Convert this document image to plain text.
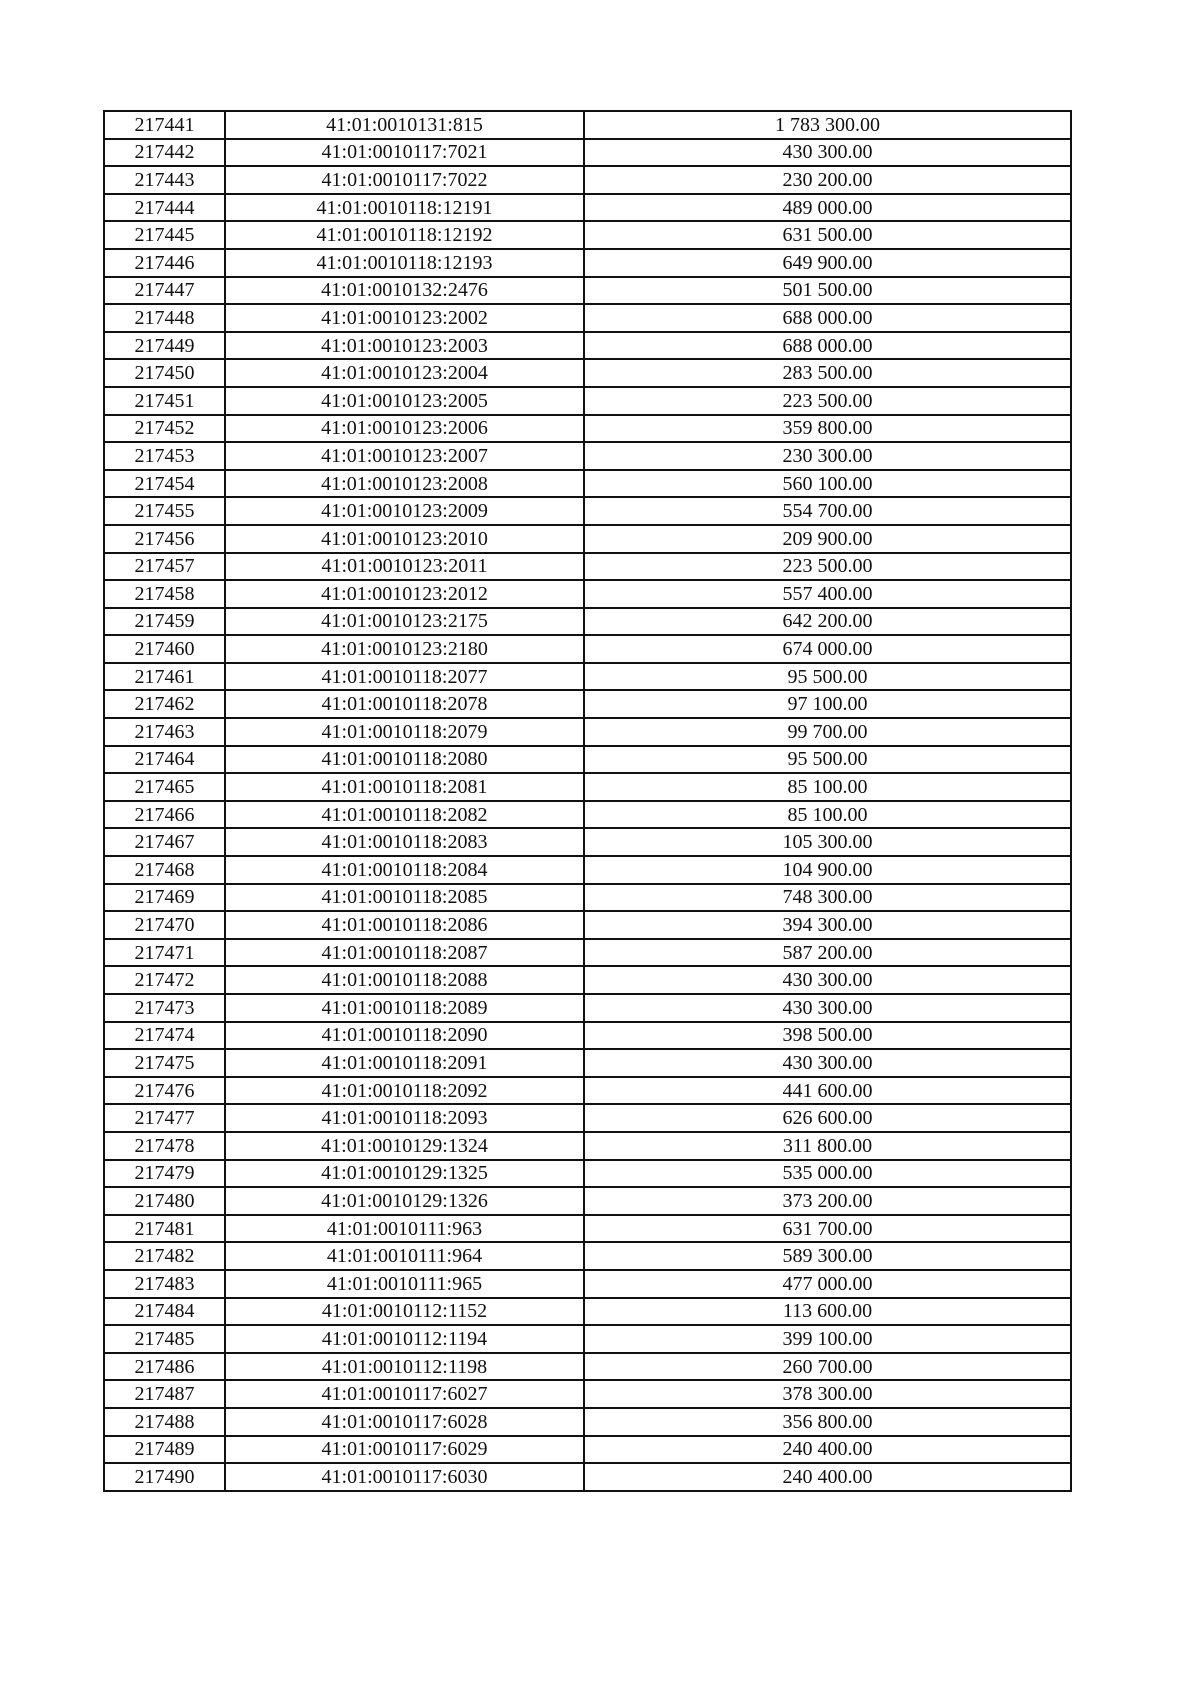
217441	41:01:0010131:815	1 783 300.00
217442	41:01:0010117:7021	430 300.00
217443	41:01:0010117:7022	230 200.00
217444	41:01:0010118:12191	489 000.00
217445	41:01:0010118:12192	631 500.00
217446	41:01:0010118:12193	649 900.00
217447	41:01:0010132:2476	501 500.00
217448	41:01:0010123:2002	688 000.00
217449	41:01:0010123:2003	688 000.00
217450	41:01:0010123:2004	283 500.00
217451	41:01:0010123:2005	223 500.00
217452	41:01:0010123:2006	359 800.00
217453	41:01:0010123:2007	230 300.00
217454	41:01:0010123:2008	560 100.00
217455	41:01:0010123:2009	554 700.00
217456	41:01:0010123:2010	209 900.00
217457	41:01:0010123:2011	223 500.00
217458	41:01:0010123:2012	557 400.00
217459	41:01:0010123:2175	642 200.00
217460	41:01:0010123:2180	674 000.00
217461	41:01:0010118:2077	95 500.00
217462	41:01:0010118:2078	97 100.00
217463	41:01:0010118:2079	99 700.00
217464	41:01:0010118:2080	95 500.00
217465	41:01:0010118:2081	85 100.00
217466	41:01:0010118:2082	85 100.00
217467	41:01:0010118:2083	105 300.00
217468	41:01:0010118:2084	104 900.00
217469	41:01:0010118:2085	748 300.00
217470	41:01:0010118:2086	394 300.00
217471	41:01:0010118:2087	587 200.00
217472	41:01:0010118:2088	430 300.00
217473	41:01:0010118:2089	430 300.00
217474	41:01:0010118:2090	398 500.00
217475	41:01:0010118:2091	430 300.00
217476	41:01:0010118:2092	441 600.00
217477	41:01:0010118:2093	626 600.00
217478	41:01:0010129:1324	311 800.00
217479	41:01:0010129:1325	535 000.00
217480	41:01:0010129:1326	373 200.00
217481	41:01:0010111:963	631 700.00
217482	41:01:0010111:964	589 300.00
217483	41:01:0010111:965	477 000.00
217484	41:01:0010112:1152	113 600.00
217485	41:01:0010112:1194	399 100.00
217486	41:01:0010112:1198	260 700.00
217487	41:01:0010117:6027	378 300.00
217488	41:01:0010117:6028	356 800.00
217489	41:01:0010117:6029	240 400.00
217490	41:01:0010117:6030	240 400.00
